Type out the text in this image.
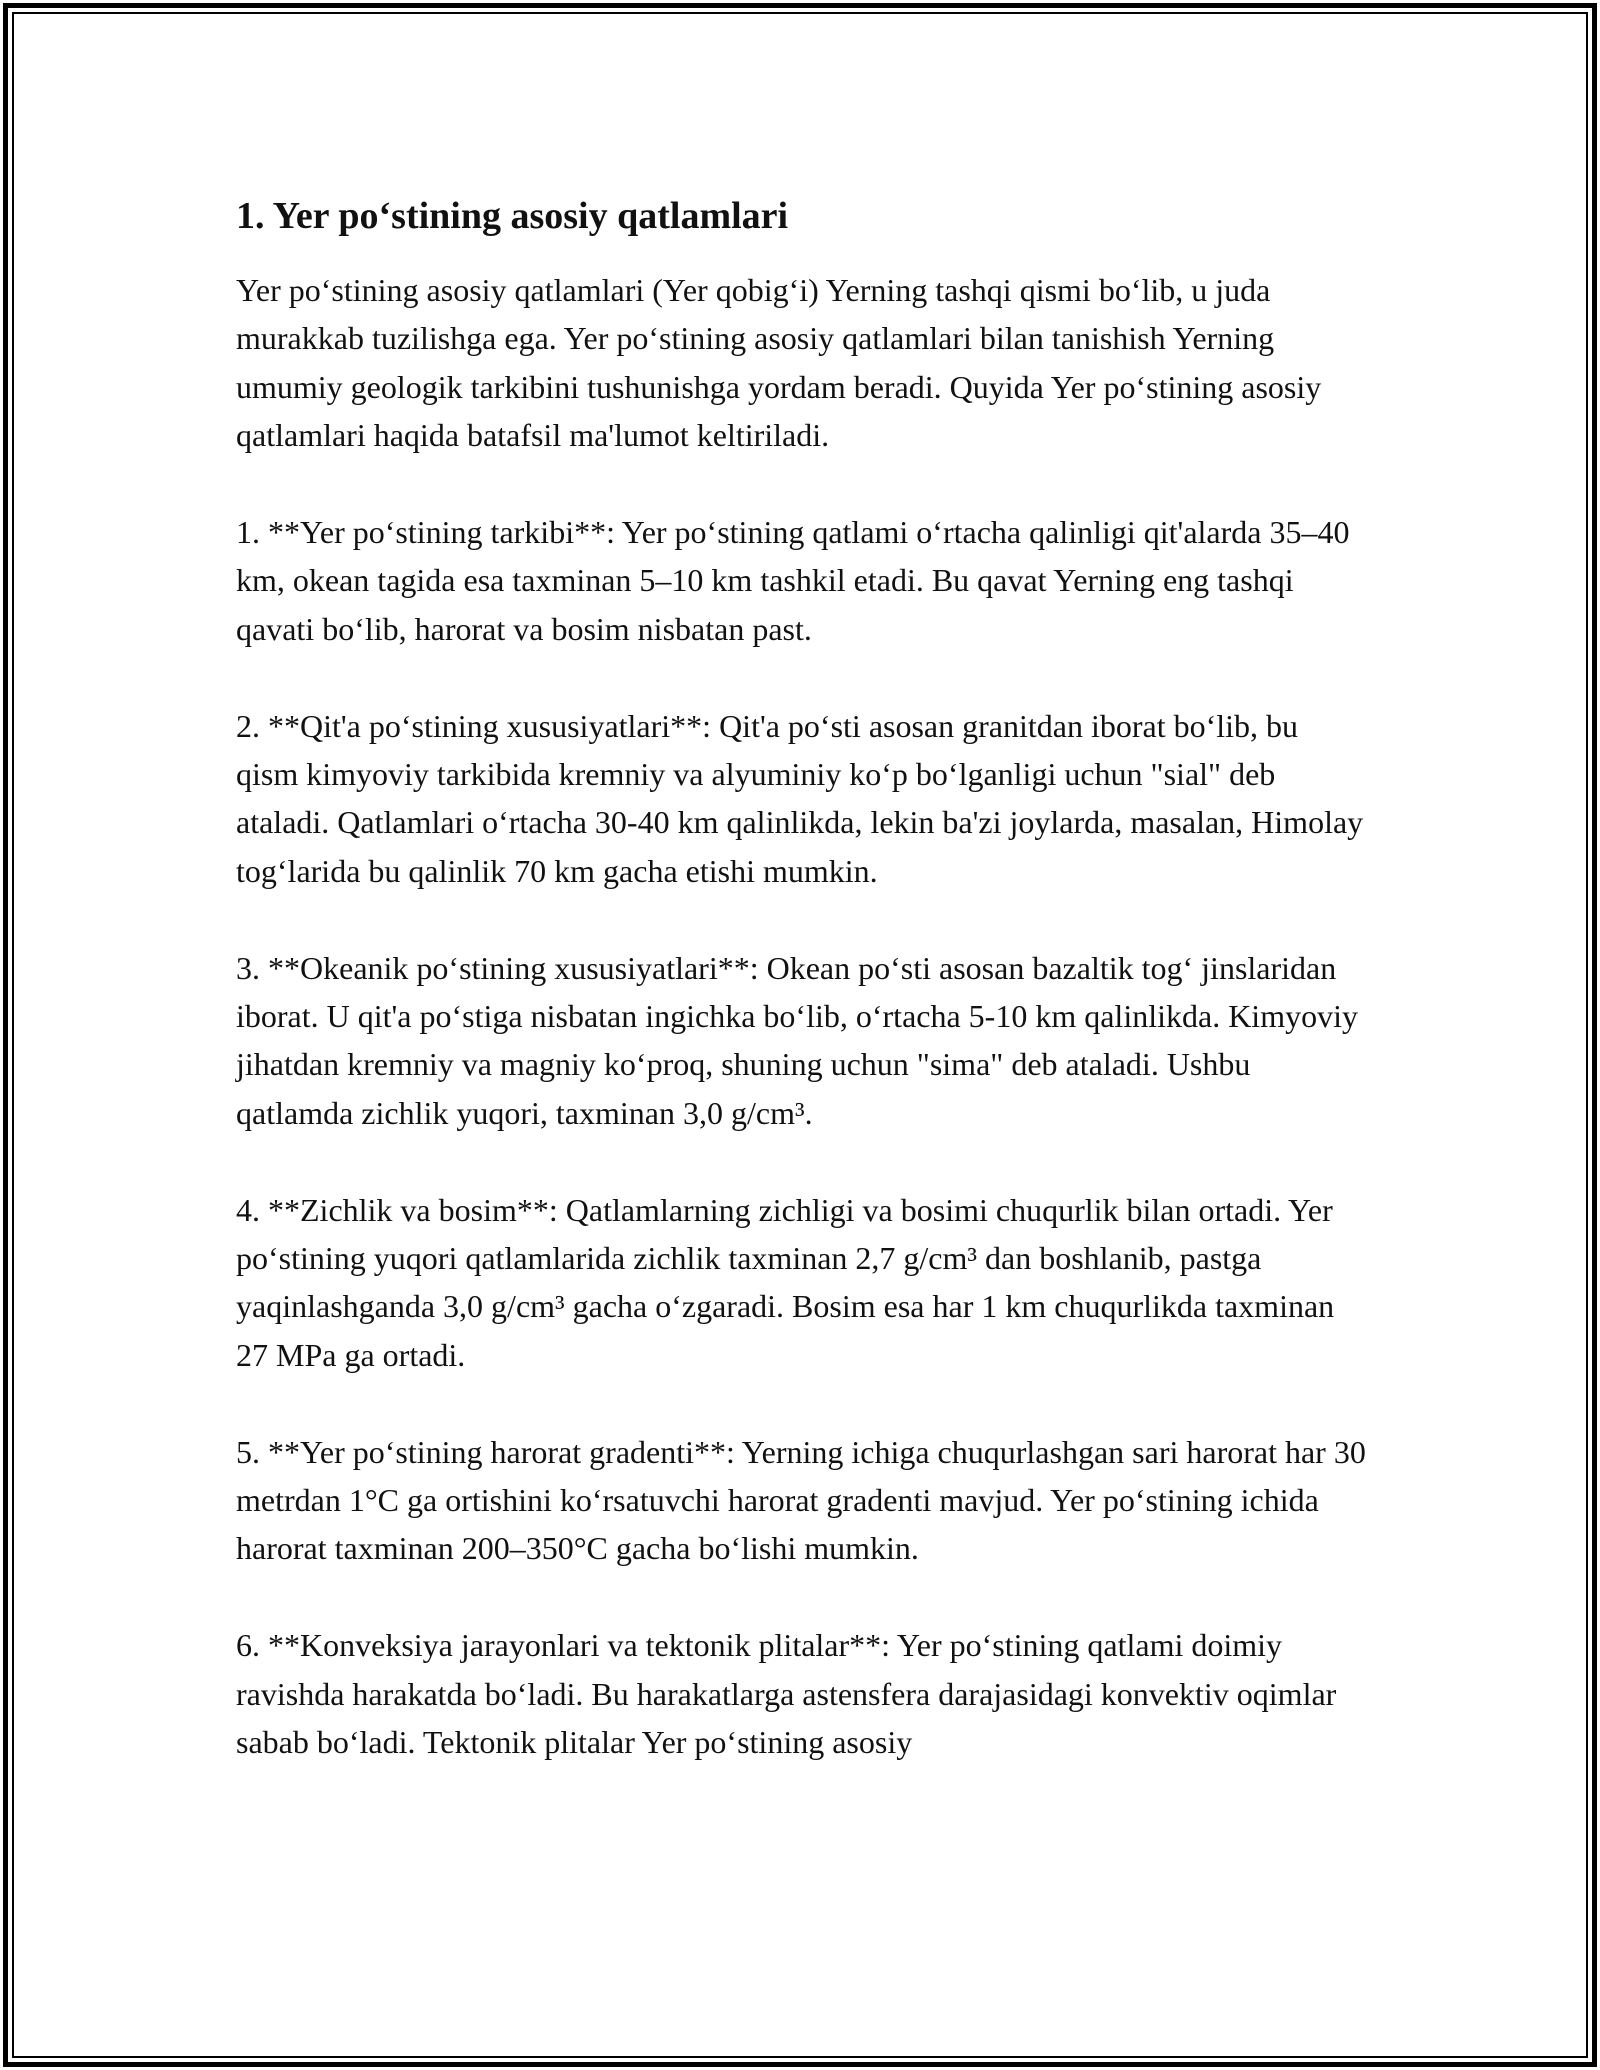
1. Yer po‘stining asosiy qatlamlari

Yer po‘stining asosiy qatlamlari (Yer qobig‘i) Yerning tashqi qismi bo‘lib, u juda murakkab tuzilishga ega. Yer po‘stining asosiy qatlamlari bilan tanishish Yerning umumiy geologik tarkibini tushunishga yordam beradi. Quyida Yer po‘stining asosiy qatlamlari haqida batafsil ma'lumot keltiriladi.

1. **Yer po‘stining tarkibi**: Yer po‘stining qatlami o‘rtacha qalinligi qit'alarda 35–40 km, okean tagida esa taxminan 5–10 km tashkil etadi. Bu qavat Yerning eng tashqi qavati bo‘lib, harorat va bosim nisbatan past.

2. **Qit'a po‘stining xususiyatlari**: Qit'a po‘sti asosan granitdan iborat bo‘lib, bu qism kimyoviy tarkibida kremniy va alyuminiy ko‘p bo‘lganligi uchun "sial" deb ataladi. Qatlamlari o‘rtacha 30-40 km qalinlikda, lekin ba'zi joylarda, masalan, Himolay tog‘larida bu qalinlik 70 km gacha etishi mumkin.

3. **Okeanik po‘stining xususiyatlari**: Okean po‘sti asosan bazaltik tog‘ jinslaridan iborat. U qit'a po‘stiga nisbatan ingichka bo‘lib, o‘rtacha 5-10 km qalinlikda. Kimyoviy jihatdan kremniy va magniy ko‘proq, shuning uchun "sima" deb ataladi. Ushbu qatlamda zichlik yuqori, taxminan 3,0 g/cm³.

4. **Zichlik va bosim**: Qatlamlarning zichligi va bosimi chuqurlik bilan ortadi. Yer po‘stining yuqori qatlamlarida zichlik taxminan 2,7 g/cm³ dan boshlanib, pastga yaqinlashganda 3,0 g/cm³ gacha o‘zgaradi. Bosim esa har 1 km chuqurlikda taxminan 27 MPa ga ortadi.

5. **Yer po‘stining harorat gradenti**: Yerning ichiga chuqurlashgan sari harorat har 30 metrdan 1°C ga ortishini ko‘rsatuvchi harorat gradenti mavjud. Yer po‘stining ichida harorat taxminan 200–350°C gacha bo‘lishi mumkin.

6. **Konveksiya jarayonlari va tektonik plitalar**: Yer po‘stining qatlami doimiy ravishda harakatda bo‘ladi. Bu harakatlarga astensfera darajasidagi konvektiv oqimlar sabab bo‘ladi. Tektonik plitalar Yer po‘stining asosiy
